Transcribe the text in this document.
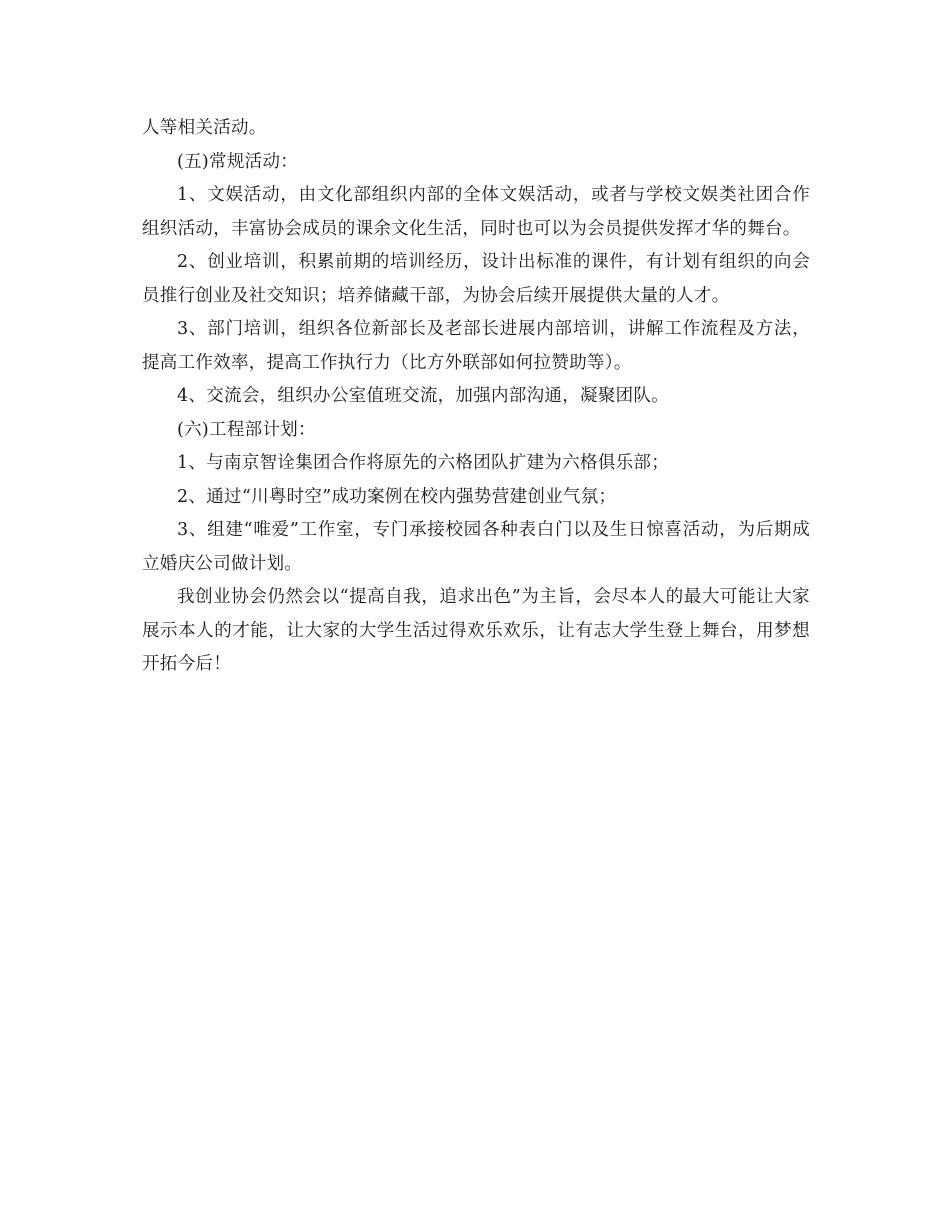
人等相关活动。

(五)常规活动：

1、文娱活动，由文化部组织内部的全体文娱活动，或者与学校文娱类社团合作组织活动，丰富协会成员的课余文化生活，同时也可以为会员提供发挥才华的舞台。

2、创业培训，积累前期的培训经历，设计出标准的课件，有计划有组织的向会员推行创业及社交知识；培养储藏干部，为协会后续开展提供大量的人才。

3、部门培训，组织各位新部长及老部长进展内部培训，讲解工作流程及方法，提高工作效率，提高工作执行力（比方外联部如何拉赞助等）。

4、交流会，组织办公室值班交流，加强内部沟通，凝聚团队。

(六)工程部计划：

1、与南京智诠集团合作将原先的六格团队扩建为六格俱乐部；

2、通过“川粤时空”成功案例在校内强势营建创业气氛；

3、组建“唯爱”工作室，专门承接校园各种表白门以及生日惊喜活动，为后期成立婚庆公司做计划。

我创业协会仍然会以“提高自我，追求出色”为主旨，会尽本人的最大可能让大家展示本人的才能，让大家的大学生活过得欢乐欢乐，让有志大学生登上舞台，用梦想开拓今后！
